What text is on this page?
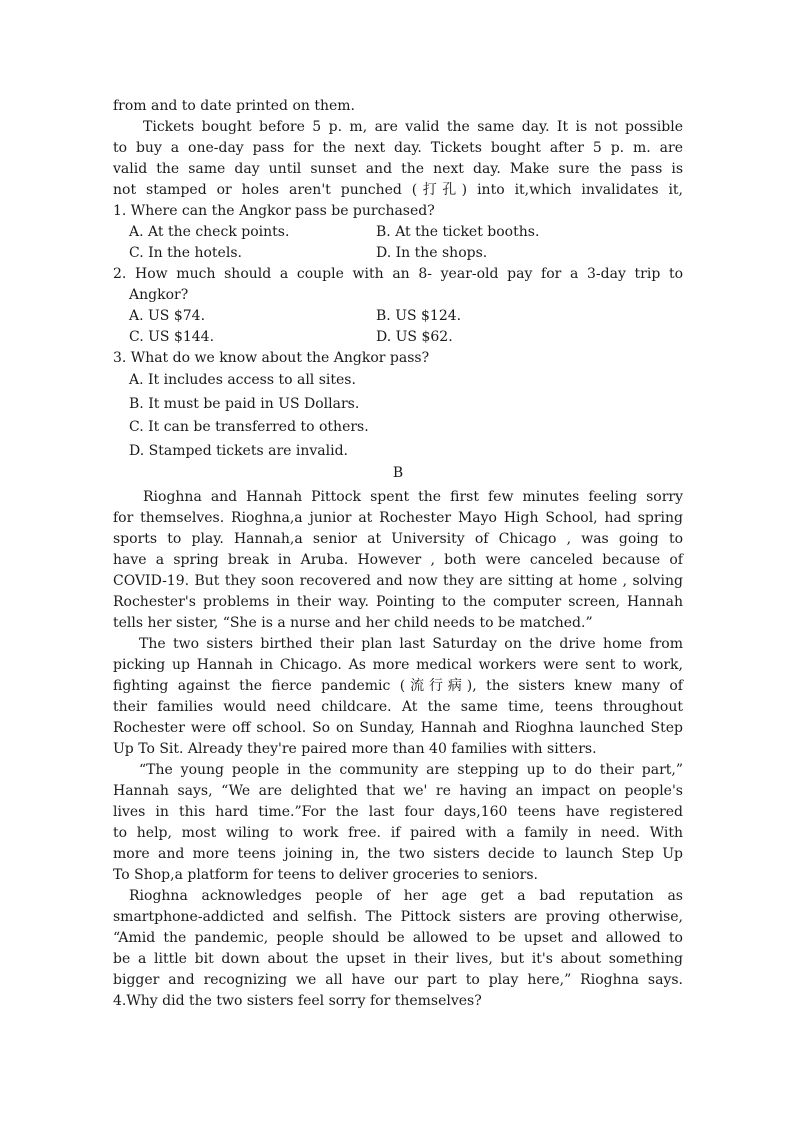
from and to date printed on them.
Tickets bought before 5 p. m, are valid the same day. It is not possible
to buy a one-day pass for the next day. Tickets bought after 5 p. m. are
valid the same day until sunset and the next day. Make sure the pass is
not stamped or holes aren't punched (打孔) into it,which invalidates it,
1. Where can the Angkor pass be purchased?
A. At the check points.	B. At the ticket booths.
C. In the hotels.	D. In the shops.
2. How much should a couple with an 8- year-old pay for a 3-day trip to
Angkor?
A. US $74.	B. US $124.
C. US $144.	D. US $62.
3. What do we know about the Angkor pass?
A. It includes access to all sites.
B. It must be paid in US Dollars.
C. It can be transferred to others.
D. Stamped tickets are invalid.
B
Rioghna and Hannah Pittock spent the first few minutes feeling sorry
for themselves. Rioghna,a junior at Rochester Mayo High School, had spring
sports to play. Hannah,a senior at University of Chicago , was going to
have a spring break in Aruba. However , both were canceled because of
COVID-19. But they soon recovered and now they are sitting at home , solving
Rochester's problems in their way. Pointing to the computer screen, Hannah
tells her sister, “She is a nurse and her child needs to be matched.”
The two sisters birthed their plan last Saturday on the drive home from
picking up Hannah in Chicago. As more medical workers were sent to work,
fighting against the fierce pandemic (流行病), the sisters knew many of
their families would need childcare. At the same time, teens throughout
Rochester were off school. So on Sunday, Hannah and Rioghna launched Step
Up To Sit. Already they're paired more than 40 families with sitters.
“The young people in the community are stepping up to do their part,”
Hannah says, “We are delighted that we' re having an impact on people's
lives in this hard time.”For the last four days,160 teens have registered
to help, most wiling to work free. if paired with a family in need. With
more and more teens joining in, the two sisters decide to launch Step Up
To Shop,a platform for teens to deliver groceries to seniors.
Rioghna acknowledges people of her age get a bad reputation as
smartphone-addicted and selfish. The Pittock sisters are proving otherwise,
“Amid the pandemic, people should be allowed to be upset and allowed to
be a little bit down about the upset in their lives, but it's about something
bigger and recognizing we all have our part to play here,” Rioghna says.
4.Why did the two sisters feel sorry for themselves?
